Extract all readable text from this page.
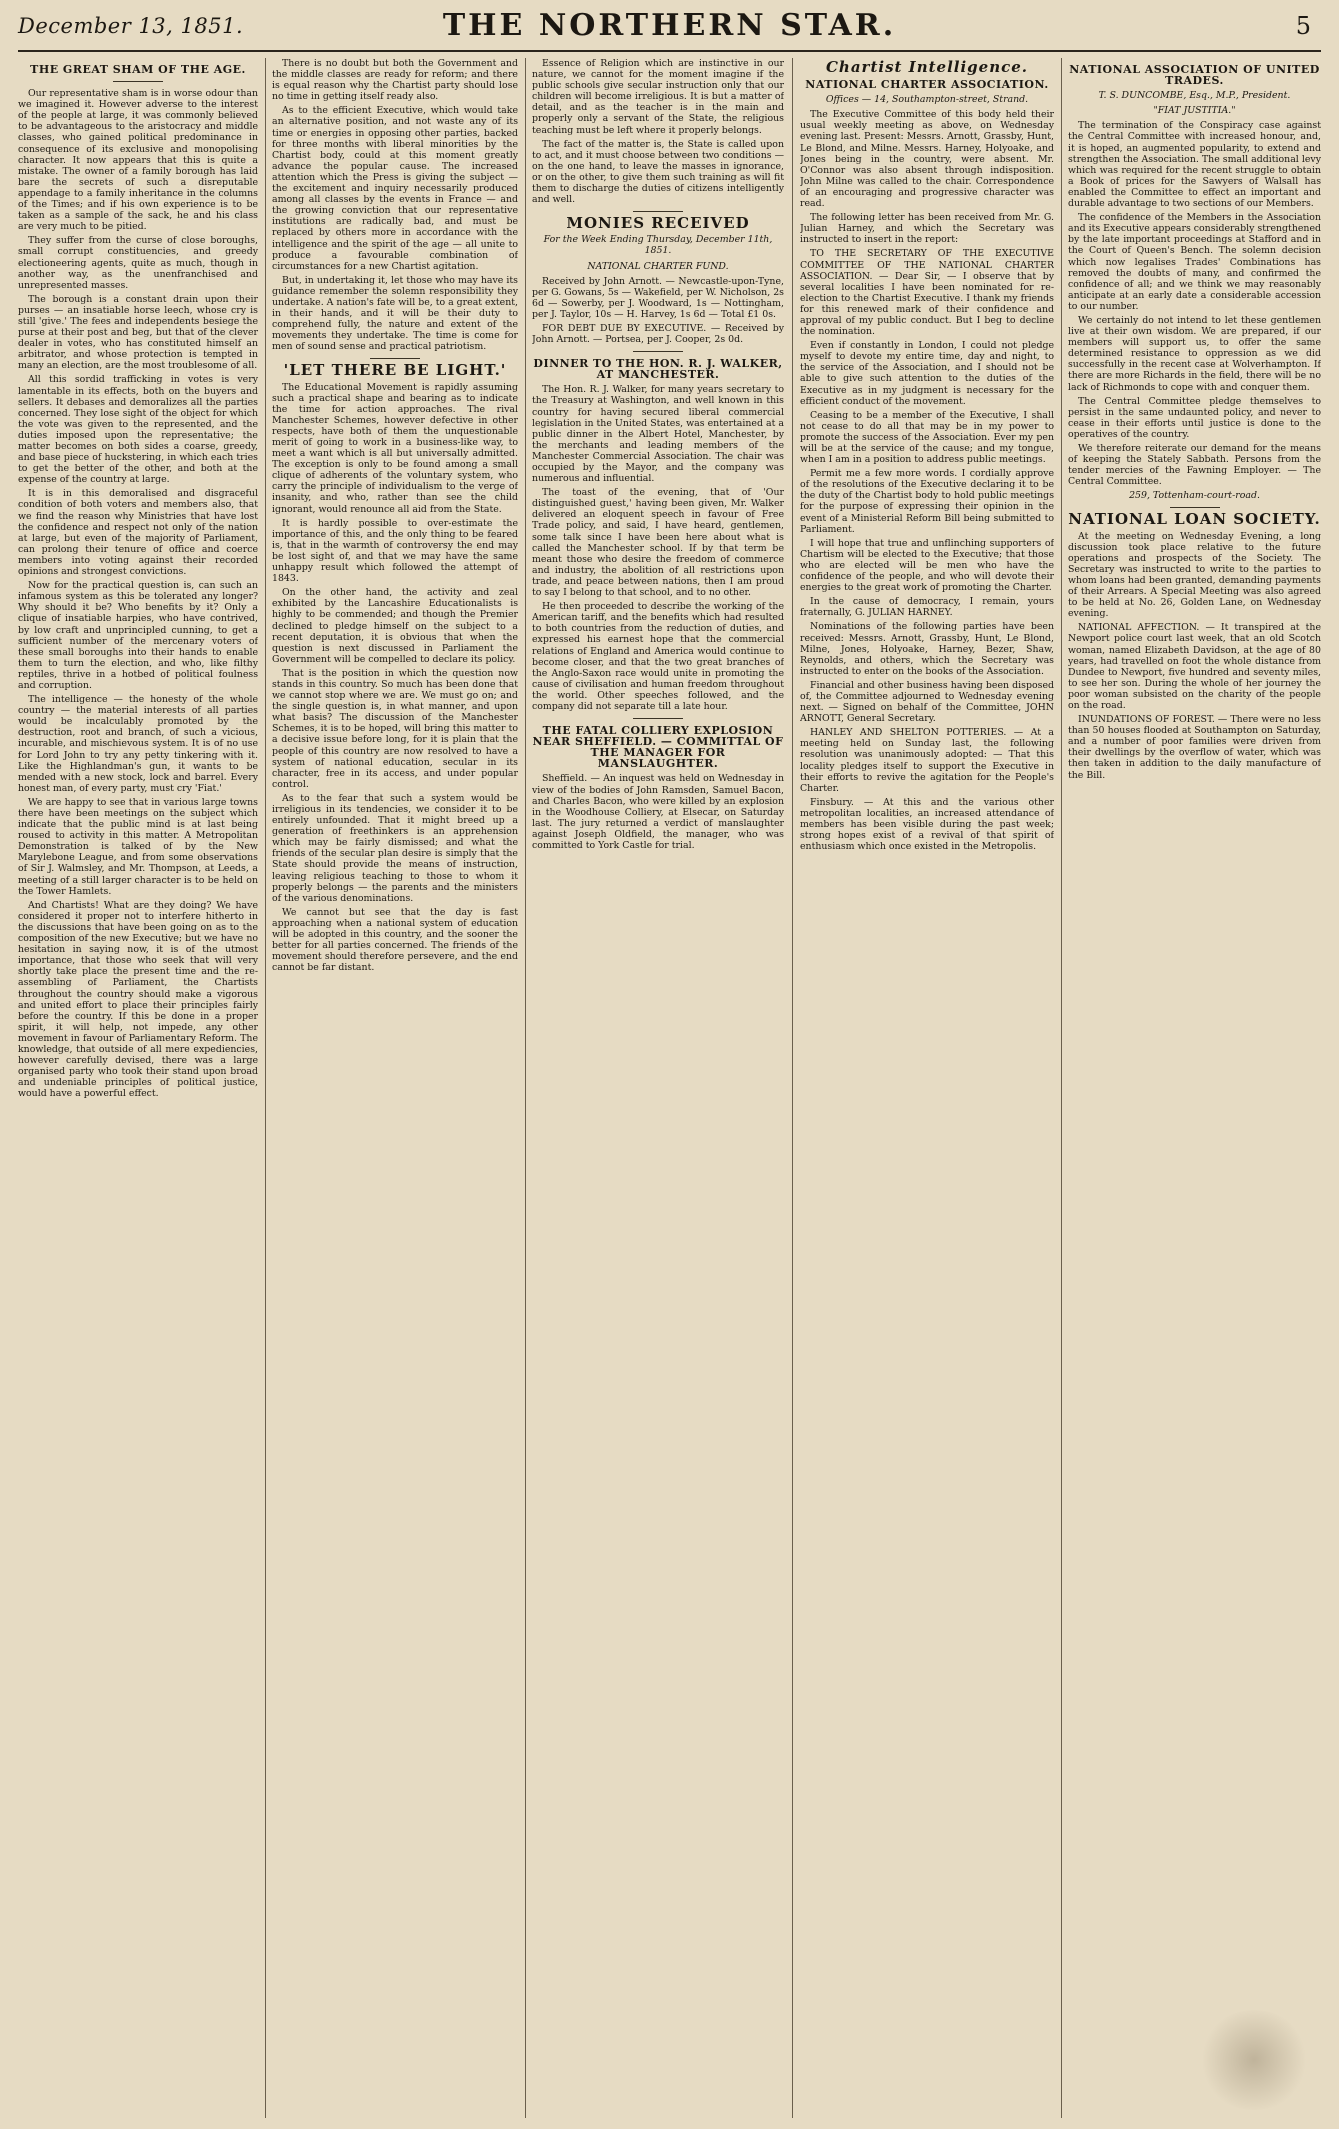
December 13, 1851.	THE NORTHERN STAR.	5
THE GREAT SHAM OF THE AGE.

Our representative sham is in worse odour than we imagined it. However adverse to the interest of the people at large, it was commonly believed to be advantageous to the aristocracy and middle classes, who gained political predominance in consequence of its exclusive and monopolising character. It now appears that this is quite a mistake. The owner of a family borough has laid bare the secrets of such a disreputable appendage to a family inheritance in the columns of the Times; and if his own experience is to be taken as a sample of the sack, he and his class are very much to be pitied.

They suffer from the curse of close boroughs, small corrupt constituencies, and greedy electioneering agents, quite as much, though in another way, as the unenfranchised and unrepresented masses.

The borough is a constant drain upon their purses — an insatiable horse leech, whose cry is still 'give.' The fees and independents besiege the purse at their post and beg, but that of the clever dealer in votes, who has constituted himself an arbitrator, and whose protection is tempted in many an election, are the most troublesome of all.

All this sordid trafficking in votes is very lamentable in its effects, both on the buyers and sellers. It debases and demoralizes all the parties concerned. They lose sight of the object for which the vote was given to the represented, and the duties imposed upon the representative; the matter becomes on both sides a coarse, greedy, and base piece of huckstering, in which each tries to get the better of the other, and both at the expense of the country at large.

It is in this demoralised and disgraceful condition of both voters and members also, that we find the reason why Ministries that have lost the confidence and respect not only of the nation at large, but even of the majority of Parliament, can prolong their tenure of office and coerce members into voting against their recorded opinions and strongest convictions.

Now for the practical question is, can such an infamous system as this be tolerated any longer? Why should it be? Who benefits by it? Only a clique of insatiable harpies, who have contrived, by low craft and unprincipled cunning, to get a sufficient number of the mercenary voters of these small boroughs into their hands to enable them to turn the election, and who, like filthy reptiles, thrive in a hotbed of political foulness and corruption.

The intelligence — the honesty of the whole country — the material interests of all parties would be incalculably promoted by the destruction, root and branch, of such a vicious, incurable, and mischievous system. It is of no use for Lord John to try any petty tinkering with it. Like the Highlandman's gun, it wants to be mended with a new stock, lock and barrel. Every honest man, of every party, must cry 'Fiat.'

We are happy to see that in various large towns there have been meetings on the subject which indicate that the public mind is at last being roused to activity in this matter. A Metropolitan Demonstration is talked of by the New Marylebone League, and from some observations of Sir J. Walmsley, and Mr. Thompson, at Leeds, a meeting of a still larger character is to be held on the Tower Hamlets.

And Chartists! What are they doing? We have considered it proper not to interfere hitherto in the discussions that have been going on as to the composition of the new Executive; but we have no hesitation in saying now, it is of the utmost importance, that those who seek that will very shortly take place the present time and the re-assembling of Parliament, the Chartists throughout the country should make a vigorous and united effort to place their principles fairly before the country. If this be done in a proper spirit, it will help, not impede, any other movement in favour of Parliamentary Reform. The knowledge, that outside of all mere expediencies, however carefully devised, there was a large organised party who took their stand upon broad and undeniable principles of political justice, would have a powerful effect.

There is no doubt but both the Government and the middle classes are ready for reform; and there is equal reason why the Chartist party should lose no time in getting itself ready also.

As to the efficient Executive, which would take an alternative position, and not waste any of its time or energies in opposing other parties, backed for three months with liberal minorities by the Chartist body, could at this moment greatly advance the popular cause. The increased attention which the Press is giving the subject — the excitement and inquiry necessarily produced among all classes by the events in France — and the growing conviction that our representative institutions are radically bad, and must be replaced by others more in accordance with the intelligence and the spirit of the age — all unite to produce a favourable combination of circumstances for a new Chartist agitation.

But, in undertaking it, let those who may have its guidance remember the solemn responsibility they undertake. A nation's fate will be, to a great extent, in their hands, and it will be their duty to comprehend fully, the nature and extent of the movements they undertake. The time is come for men of sound sense and practical patriotism.

'LET THERE BE LIGHT.'

The Educational Movement is rapidly assuming such a practical shape and bearing as to indicate the time for action approaches. The rival Manchester Schemes, however defective in other respects, have both of them the unquestionable merit of going to work in a business-like way, to meet a want which is all but universally admitted. The exception is only to be found among a small clique of adherents of the voluntary system, who carry the principle of individualism to the verge of insanity, and who, rather than see the child ignorant, would renounce all aid from the State.

It is hardly possible to over-estimate the importance of this, and the only thing to be feared is, that in the warmth of controversy the end may be lost sight of, and that we may have the same unhappy result which followed the attempt of 1843.

On the other hand, the activity and zeal exhibited by the Lancashire Educationalists is highly to be commended; and though the Premier declined to pledge himself on the subject to a recent deputation, it is obvious that when the question is next discussed in Parliament the Government will be compelled to declare its policy.

That is the position in which the question now stands in this country. So much has been done that we cannot stop where we are. We must go on; and the single question is, in what manner, and upon what basis? The discussion of the Manchester Schemes, it is to be hoped, will bring this matter to a decisive issue before long, for it is plain that the people of this country are now resolved to have a system of national education, secular in its character, free in its access, and under popular control.

As to the fear that such a system would be irreligious in its tendencies, we consider it to be entirely unfounded. That it might breed up a generation of freethinkers is an apprehension which may be fairly dismissed; and what the friends of the secular plan desire is simply that the State should provide the means of instruction, leaving religious teaching to those to whom it properly belongs — the parents and the ministers of the various denominations.

We cannot but see that the day is fast approaching when a national system of education will be adopted in this country, and the sooner the better for all parties concerned. The friends of the movement should therefore persevere, and the end cannot be far distant.

Essence of Religion which are instinctive in our nature, we cannot for the moment imagine if the public schools give secular instruction only that our children will become irreligious. It is but a matter of detail, and as the teacher is in the main and properly only a servant of the State, the religious teaching must be left where it properly belongs.

The fact of the matter is, the State is called upon to act, and it must choose between two conditions — on the one hand, to leave the masses in ignorance, or on the other, to give them such training as will fit them to discharge the duties of citizens intelligently and well.

MONIES RECEIVED
For the Week Ending Thursday, December 11th, 1851.
NATIONAL CHARTER FUND.

Received by John Arnott. — Newcastle-upon-Tyne, per G. Gowans, 5s — Wakefield, per W. Nicholson, 2s 6d — Sowerby, per J. Woodward, 1s — Nottingham, per J. Taylor, 10s — H. Harvey, 1s 6d — Total £1 0s.

FOR DEBT DUE BY EXECUTIVE. — Received by John Arnott. — Portsea, per J. Cooper, 2s 0d.

DINNER TO THE HON. R. J. WALKER, AT MANCHESTER.

The Hon. R. J. Walker, for many years secretary to the Treasury at Washington, and well known in this country for having secured liberal commercial legislation in the United States, was entertained at a public dinner in the Albert Hotel, Manchester, by the merchants and leading members of the Manchester Commercial Association. The chair was occupied by the Mayor, and the company was numerous and influential.

The toast of the evening, that of 'Our distinguished guest,' having been given, Mr. Walker delivered an eloquent speech in favour of Free Trade policy, and said, I have heard, gentlemen, some talk since I have been here about what is called the Manchester school. If by that term be meant those who desire the freedom of commerce and industry, the abolition of all restrictions upon trade, and peace between nations, then I am proud to say I belong to that school, and to no other.

He then proceeded to describe the working of the American tariff, and the benefits which had resulted to both countries from the reduction of duties, and expressed his earnest hope that the commercial relations of England and America would continue to become closer, and that the two great branches of the Anglo-Saxon race would unite in promoting the cause of civilisation and human freedom throughout the world. Other speeches followed, and the company did not separate till a late hour.

THE FATAL COLLIERY EXPLOSION NEAR SHEFFIELD. — COMMITTAL OF THE MANAGER FOR MANSLAUGHTER.

Sheffield. — An inquest was held on Wednesday in view of the bodies of John Ramsden, Samuel Bacon, and Charles Bacon, who were killed by an explosion in the Woodhouse Colliery, at Elsecar, on Saturday last. The jury returned a verdict of manslaughter against Joseph Oldfield, the manager, who was committed to York Castle for trial.

Chartist Intelligence.
NATIONAL CHARTER ASSOCIATION.
Offices — 14, Southampton-street, Strand.

The Executive Committee of this body held their usual weekly meeting as above, on Wednesday evening last. Present: Messrs. Arnott, Grassby, Hunt, Le Blond, and Milne. Messrs. Harney, Holyoake, and Jones being in the country, were absent. Mr. O'Connor was also absent through indisposition. John Milne was called to the chair. Correspondence of an encouraging and progressive character was read.

The following letter has been received from Mr. G. Julian Harney, and which the Secretary was instructed to insert in the report:

TO THE SECRETARY OF THE EXECUTIVE COMMITTEE OF THE NATIONAL CHARTER ASSOCIATION. — Dear Sir, — I observe that by several localities I have been nominated for re-election to the Chartist Executive. I thank my friends for this renewed mark of their confidence and approval of my public conduct. But I beg to decline the nomination.

Even if constantly in London, I could not pledge myself to devote my entire time, day and night, to the service of the Association, and I should not be able to give such attention to the duties of the Executive as in my judgment is necessary for the efficient conduct of the movement.

Ceasing to be a member of the Executive, I shall not cease to do all that may be in my power to promote the success of the Association. Ever my pen will be at the service of the cause; and my tongue, when I am in a position to address public meetings.

Permit me a few more words. I cordially approve of the resolutions of the Executive declaring it to be the duty of the Chartist body to hold public meetings for the purpose of expressing their opinion in the event of a Ministerial Reform Bill being submitted to Parliament.

I will hope that true and unflinching supporters of Chartism will be elected to the Executive; that those who are elected will be men who have the confidence of the people, and who will devote their energies to the great work of promoting the Charter.

In the cause of democracy, I remain, yours fraternally, G. JULIAN HARNEY.

Nominations of the following parties have been received: Messrs. Arnott, Grassby, Hunt, Le Blond, Milne, Jones, Holyoake, Harney, Bezer, Shaw, Reynolds, and others, which the Secretary was instructed to enter on the books of the Association.

Financial and other business having been disposed of, the Committee adjourned to Wednesday evening next. — Signed on behalf of the Committee, JOHN ARNOTT, General Secretary.

HANLEY AND SHELTON POTTERIES. — At a meeting held on Sunday last, the following resolution was unanimously adopted: — That this locality pledges itself to support the Executive in their efforts to revive the agitation for the People's Charter.

Finsbury. — At this and the various other metropolitan localities, an increased attendance of members has been visible during the past week; strong hopes exist of a revival of that spirit of enthusiasm which once existed in the Metropolis.

NATIONAL ASSOCIATION OF UNITED TRADES.
T. S. DUNCOMBE, Esq., M.P., President.
"FIAT JUSTITIA."

The termination of the Conspiracy case against the Central Committee with increased honour, and, it is hoped, an augmented popularity, to extend and strengthen the Association. The small additional levy which was required for the recent struggle to obtain a Book of prices for the Sawyers of Walsall has enabled the Committee to effect an important and durable advantage to two sections of our Members.

The confidence of the Members in the Association and its Executive appears considerably strengthened by the late important proceedings at Stafford and in the Court of Queen's Bench. The solemn decision which now legalises Trades' Combinations has removed the doubts of many, and confirmed the confidence of all; and we think we may reasonably anticipate at an early date a considerable accession to our number.

We certainly do not intend to let these gentlemen live at their own wisdom. We are prepared, if our members will support us, to offer the same determined resistance to oppression as we did successfully in the recent case at Wolverhampton. If there are more Richards in the field, there will be no lack of Richmonds to cope with and conquer them.

The Central Committee pledge themselves to persist in the same undaunted policy, and never to cease in their efforts until justice is done to the operatives of the country.

We therefore reiterate our demand for the means of keeping the Stately Sabbath. Persons from the tender mercies of the Fawning Employer. — The Central Committee.

259, Tottenham-court-road.
NATIONAL LOAN SOCIETY.

At the meeting on Wednesday Evening, a long discussion took place relative to the future operations and prospects of the Society. The Secretary was instructed to write to the parties to whom loans had been granted, demanding payments of their Arrears. A Special Meeting was also agreed to be held at No. 26, Golden Lane, on Wednesday evening.

NATIONAL AFFECTION. — It transpired at the Newport police court last week, that an old Scotch woman, named Elizabeth Davidson, at the age of 80 years, had travelled on foot the whole distance from Dundee to Newport, five hundred and seventy miles, to see her son. During the whole of her journey the poor woman subsisted on the charity of the people on the road.

INUNDATIONS OF FOREST. — There were no less than 50 houses flooded at Southampton on Saturday, and a number of poor families were driven from their dwellings by the overflow of water, which was then taken in addition to the daily manufacture of the Bill.
